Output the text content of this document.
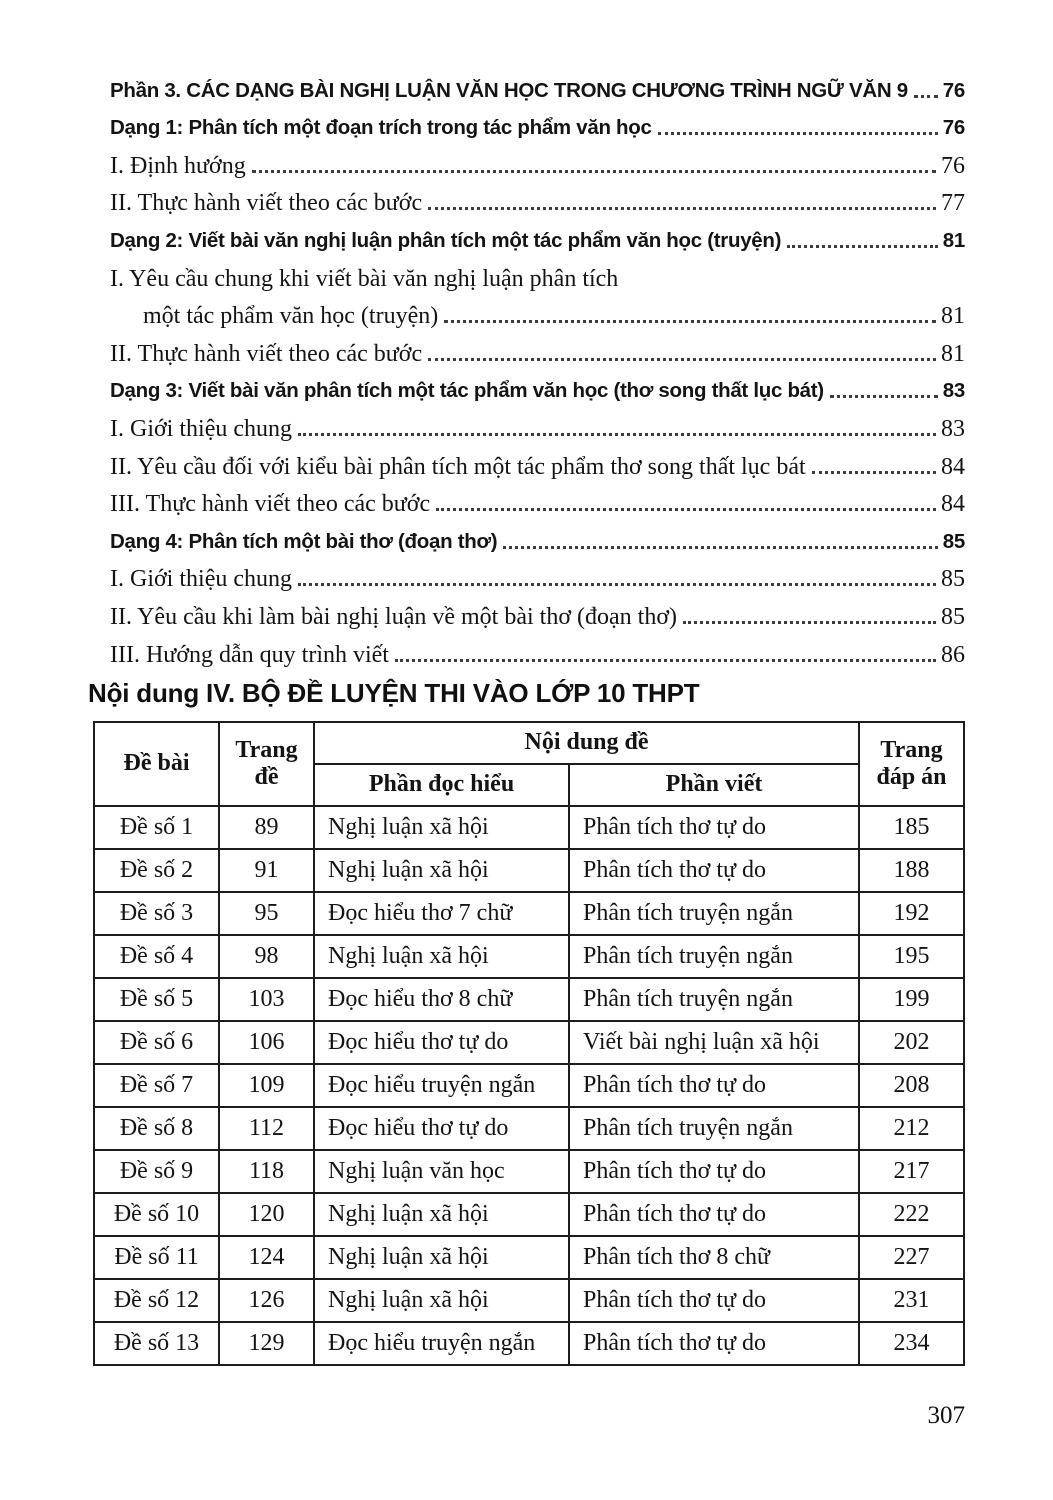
Phần 3. CÁC DẠNG BÀI NGHỊ LUẬN VĂN HỌC TRONG CHƯƠNG TRÌNH NGỮ VĂN 9 76
Dạng 1: Phân tích một đoạn trích trong tác phẩm văn học	76
I. Định hướng	76
II. Thực hành viết theo các bước	77
Dạng 2: Viết bài văn nghị luận phân tích một tác phẩm văn học (truyện)	81
I. Yêu cầu chung khi viết bài văn nghị luận phân tích
một tác phẩm văn học (truyện)	81
II. Thực hành viết theo các bước	81
Dạng 3: Viết bài văn phân tích một tác phẩm văn học (thơ song thất lục bát)	83
I. Giới thiệu chung	83
II. Yêu cầu đối với kiểu bài phân tích một tác phẩm thơ song thất lục bát	84
III. Thực hành viết theo các bước	84
Dạng 4: Phân tích một bài thơ (đoạn thơ)	85
I. Giới thiệu chung	85
II. Yêu cầu khi làm bài nghị luận về một bài thơ (đoạn thơ)	85
III. Hướng dẫn quy trình viết	86
Nội dung IV. BỘ ĐỀ LUYỆN THI VÀO LỚP 10 THPT
Đề bài	Trang đề	Nội dung đề		Trang đáp án
		Phần đọc hiểu	Phần viết	
Đề số 1	89	Nghị luận xã hội	Phân tích thơ tự do	185
Đề số 2	91	Nghị luận xã hội	Phân tích thơ tự do	188
Đề số 3	95	Đọc hiểu thơ 7 chữ	Phân tích truyện ngắn	192
Đề số 4	98	Nghị luận xã hội	Phân tích truyện ngắn	195
Đề số 5	103	Đọc hiểu thơ 8 chữ	Phân tích truyện ngắn	199
Đề số 6	106	Đọc hiểu thơ tự do	Viết bài nghị luận xã hội	202
Đề số 7	109	Đọc hiểu truyện ngắn	Phân tích thơ tự do	208
Đề số 8	112	Đọc hiểu thơ tự do	Phân tích truyện ngắn	212
Đề số 9	118	Nghị luận văn học	Phân tích thơ tự do	217
Đề số 10	120	Nghị luận xã hội	Phân tích thơ tự do	222
Đề số 11	124	Nghị luận xã hội	Phân tích thơ 8 chữ	227
Đề số 12	126	Nghị luận xã hội	Phân tích thơ tự do	231
Đề số 13	129	Đọc hiểu truyện ngắn	Phân tích thơ tự do	234
307
